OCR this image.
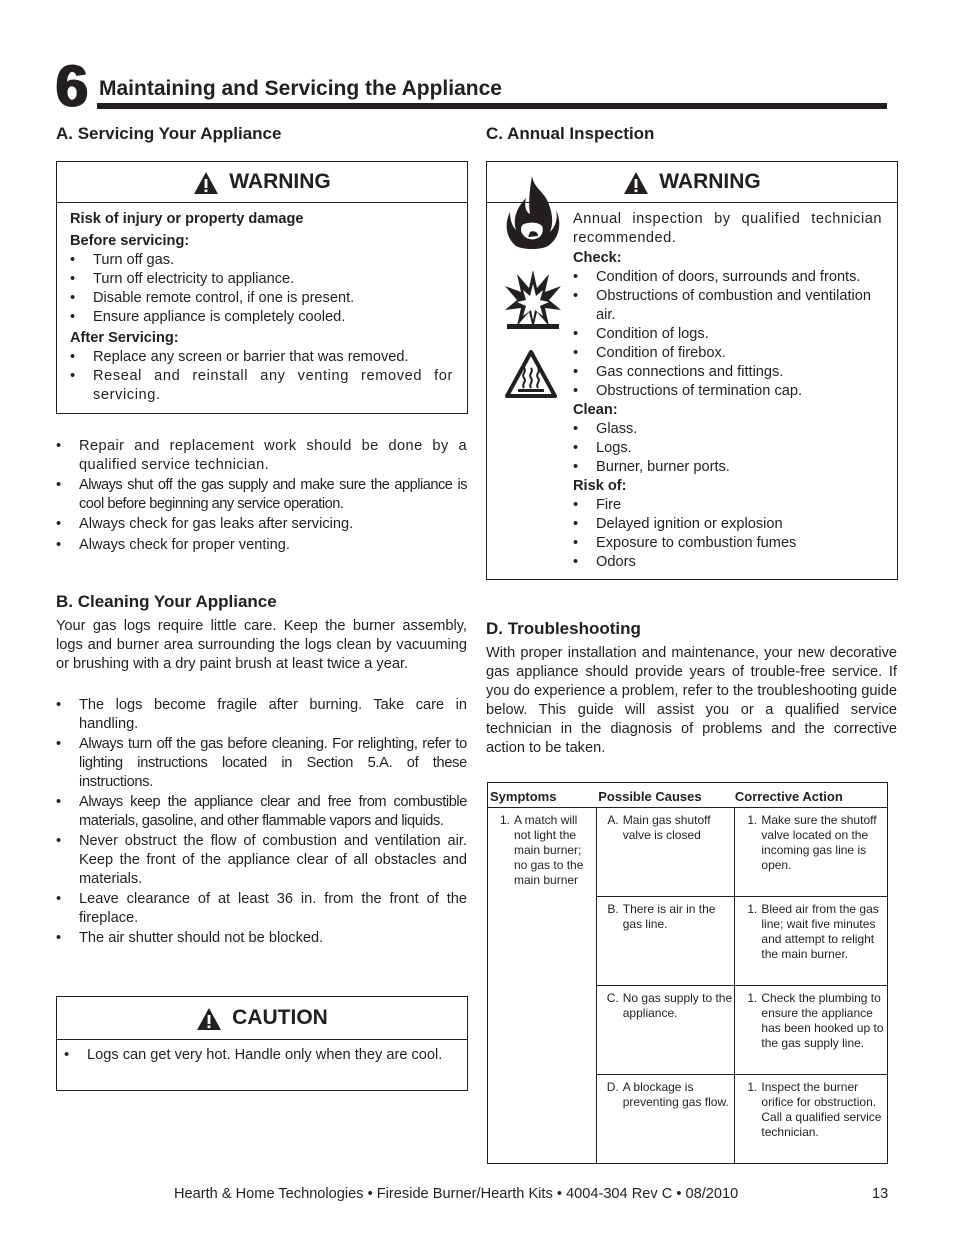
6 Maintaining and Servicing the Appliance
A. Servicing Your Appliance
WARNING
Risk of injury or property damage
Before servicing:
• Turn off gas.
• Turn off electricity to appliance.
• Disable remote control, if one is present.
• Ensure appliance is completely cooled.
After Servicing:
• Replace any screen or barrier that was removed.
• Reseal and reinstall any venting removed for servicing.
• Repair and replacement work should be done by a qualified service technician.
• Always shut off the gas supply and make sure the appliance is cool before beginning any service operation.
• Always check for gas leaks after servicing.
• Always check for proper venting.
B. Cleaning Your Appliance
Your gas logs require little care. Keep the burner assembly, logs and burner area surrounding the logs clean by vacuuming or brushing with a dry paint brush at least twice a year.
• The logs become fragile after burning. Take care in handling.
• Always turn off the gas before cleaning. For relighting, refer to lighting instructions located in Section 5.A. of these instructions.
• Always keep the appliance clear and free from combustible materials, gasoline, and other flammable vapors and liquids.
• Never obstruct the flow of combustion and ventilation air. Keep the front of the appliance clear of all obstacles and materials.
• Leave clearance of at least 36 in. from the front of the fireplace.
• The air shutter should not be blocked.
CAUTION
• Logs can get very hot. Handle only when they are cool.
C. Annual Inspection
WARNING
Annual inspection by qualified technician recommended.
Check:
• Condition of doors, surrounds and fronts.
• Obstructions of combustion and ventilation air.
• Condition of logs.
• Condition of firebox.
• Gas connections and fittings.
• Obstructions of termination cap.
Clean:
• Glass.
• Logs.
• Burner, burner ports.
Risk of:
• Fire
• Delayed ignition or explosion
• Exposure to combustion fumes
• Odors
D. Troubleshooting
With proper installation and maintenance, your new decorative gas appliance should provide years of trouble-free service. If you do experience a problem, refer to the troubleshooting guide below. This guide will assist you or a qualified service technician in the diagnosis of problems and the corrective action to be taken.
Symptoms	Possible Causes	Corrective Action

1. A match will not light the main burner; no gas to the main burner	A. Main gas shutoff valve is closed	1. Make sure the shutoff valve located on the incoming gas line is open.

	B. There is air in the gas line.	1. Bleed air from the gas line; wait five minutes and attempt to relight the main burner.

	C. No gas supply to the appliance.	1. Check the plumbing to ensure the appliance has been hooked up to the gas supply line.

	D. A blockage is preventing gas flow.	1. Inspect the burner orifice for obstruction. Call a qualified service technician.
Hearth & Home Technologies • Fireside Burner/Hearth Kits • 4004-304 Rev C • 08/2010	13
